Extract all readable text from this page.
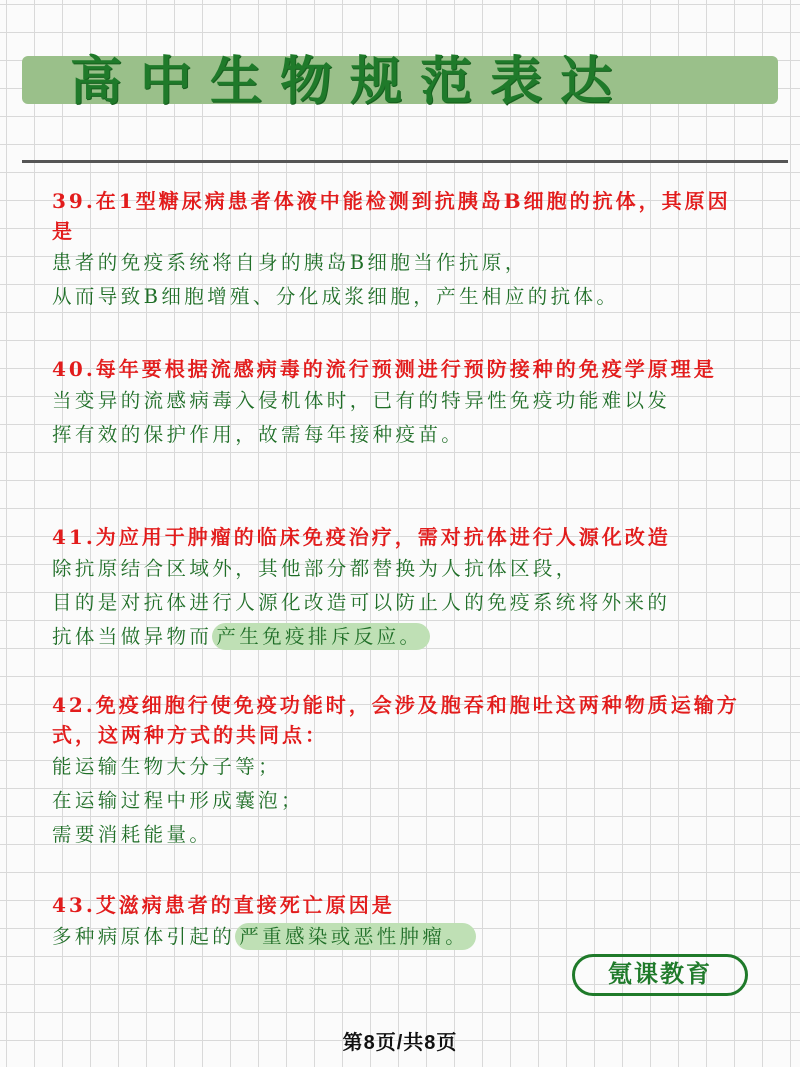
高中生物规范表达
39.在1型糖尿病患者体液中能检测到抗胰岛B细胞的抗体，其原因是
患者的免疫系统将自身的胰岛B细胞当作抗原，
从而导致B细胞增殖、分化成浆细胞，产生相应的抗体。
40.每年要根据流感病毒的流行预测进行预防接种的免疫学原理是
当变异的流感病毒入侵机体时，已有的特异性免疫功能难以发
挥有效的保护作用，故需每年接种疫苗。
41.为应用于肿瘤的临床免疫治疗，需对抗体进行人源化改造
除抗原结合区域外，其他部分都替换为人抗体区段，
目的是对抗体进行人源化改造可以防止人的免疫系统将外来的
抗体当做异物而 产生免疫排斥反应。
42.免疫细胞行使免疫功能时，会涉及胞吞和胞吐这两种物质运输方式，这两种方式的共同点：
能运输生物大分子等；
在运输过程中形成囊泡；
需要消耗能量。
43.艾滋病患者的直接死亡原因是
多种病原体引起的 严重感染或恶性肿瘤。
氪课教育
第8页/共8页
